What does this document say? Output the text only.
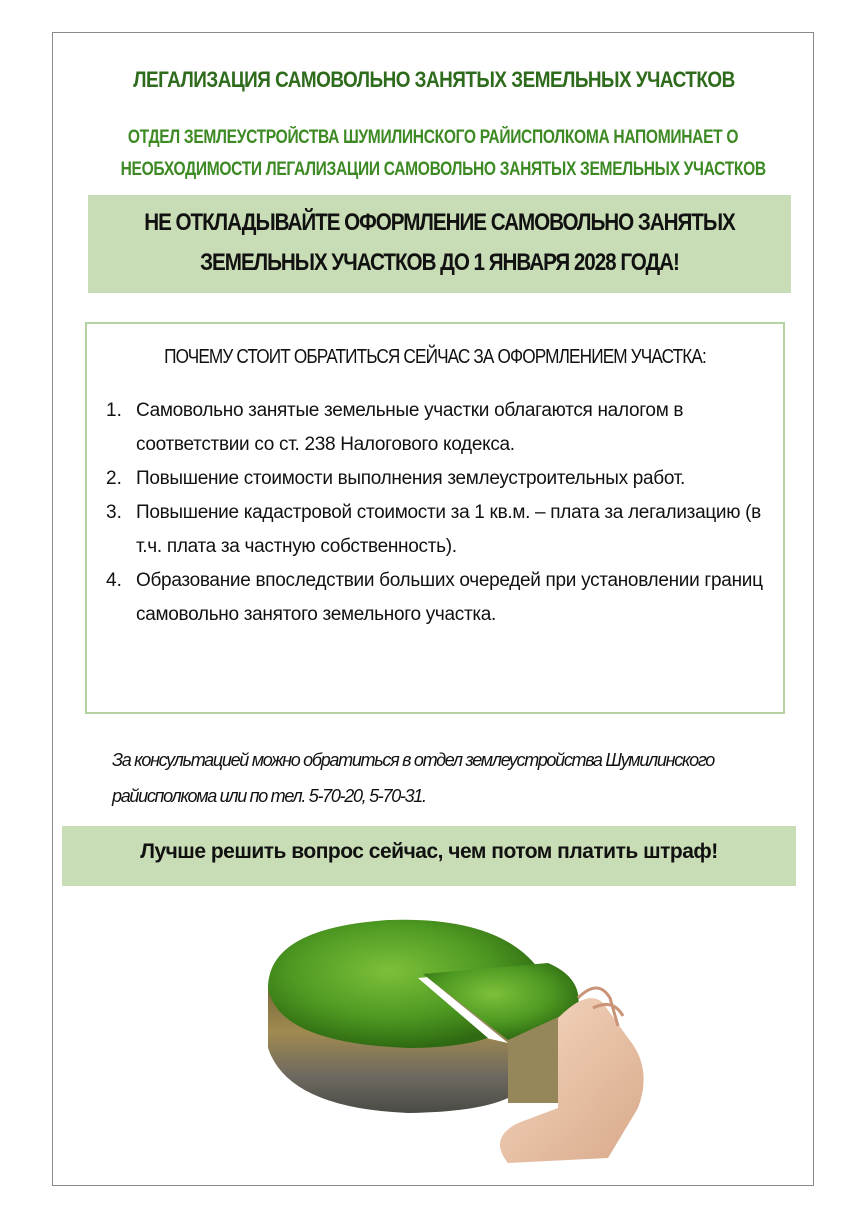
ЛЕГАЛИЗАЦИЯ САМОВОЛЬНО ЗАНЯТЫХ ЗЕМЕЛЬНЫХ УЧАСТКОВ
ОТДЕЛ ЗЕМЛЕУСТРОЙСТВА ШУМИЛИНСКОГО РАЙИСПОЛКОМА НАПОМИНАЕТ О
НЕОБХОДИМОСТИ ЛЕГАЛИЗАЦИИ САМОВОЛЬНО ЗАНЯТЫХ ЗЕМЕЛЬНЫХ УЧАСТКОВ
НЕ ОТКЛАДЫВАЙТЕ ОФОРМЛЕНИЕ САМОВОЛЬНО ЗАНЯТЫХ
ЗЕМЕЛЬНЫХ УЧАСТКОВ ДО 1 ЯНВАРЯ 2028 ГОДА!
ПОЧЕМУ СТОИТ ОБРАТИТЬСЯ СЕЙЧАС ЗА ОФОРМЛЕНИЕМ УЧАСТКА:
1. Самовольно занятые земельные участки облагаются налогом в соответствии со ст. 238 Налогового кодекса.
2. Повышение стоимости выполнения землеустроительных работ.
3. Повышение кадастровой стоимости за 1 кв.м. – плата за легализацию (в т.ч. плата за частную собственность).
4. Образование впоследствии больших очередей при установлении границ самовольно занятого земельного участка.
За консультацией можно обратиться в отдел землеустройства Шумилинского райисполкома или по тел. 5-70-20, 5-70-31.
Лучше решить вопрос сейчас, чем потом платить штраф!
